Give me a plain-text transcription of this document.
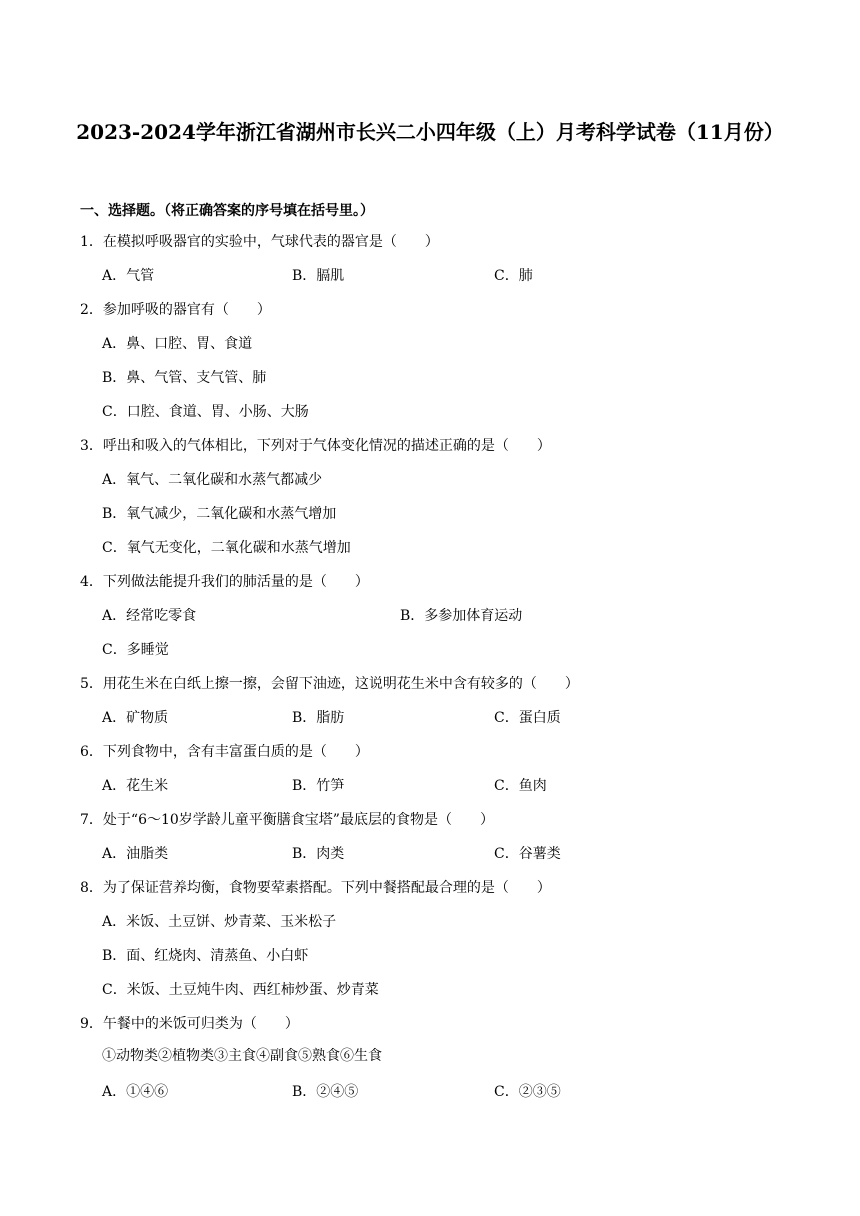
2023-2024学年浙江省湖州市长兴二小四年级（上）月考科学试卷（11月份）
一、选择题。（将正确答案的序号填在括号里。）
1．在模拟呼吸器官的实验中，气球代表的器官是（　　）
A．气管	B．膈肌	C．肺
2．参加呼吸的器官有（　　）
A．鼻、口腔、胃、食道
B．鼻、气管、支气管、肺
C．口腔、食道、胃、小肠、大肠
3．呼出和吸入的气体相比，下列对于气体变化情况的描述正确的是（　　）
A．氧气、二氧化碳和水蒸气都减少
B．氧气减少，二氧化碳和水蒸气增加
C．氧气无变化，二氧化碳和水蒸气增加
4．下列做法能提升我们的肺活量的是（　　）
A．经常吃零食	B．多参加体育运动
C．多睡觉
5．用花生米在白纸上擦一擦，会留下油迹，这说明花生米中含有较多的（　　）
A．矿物质	B．脂肪	C．蛋白质
6．下列食物中，含有丰富蛋白质的是（　　）
A．花生米	B．竹笋	C．鱼肉
7．处于“6～10岁学龄儿童平衡膳食宝塔”最底层的食物是（　　）
A．油脂类	B．肉类	C．谷薯类
8．为了保证营养均衡，食物要荤素搭配。下列中餐搭配最合理的是（　　）
A．米饭、土豆饼、炒青菜、玉米松子
B．面、红烧肉、清蒸鱼、小白虾
C．米饭、土豆炖牛肉、西红柿炒蛋、炒青菜
9．午餐中的米饭可归类为（　　）
①动物类②植物类③主食④副食⑤熟食⑥生食
A．①④⑥	B．②④⑤	C．②③⑤
